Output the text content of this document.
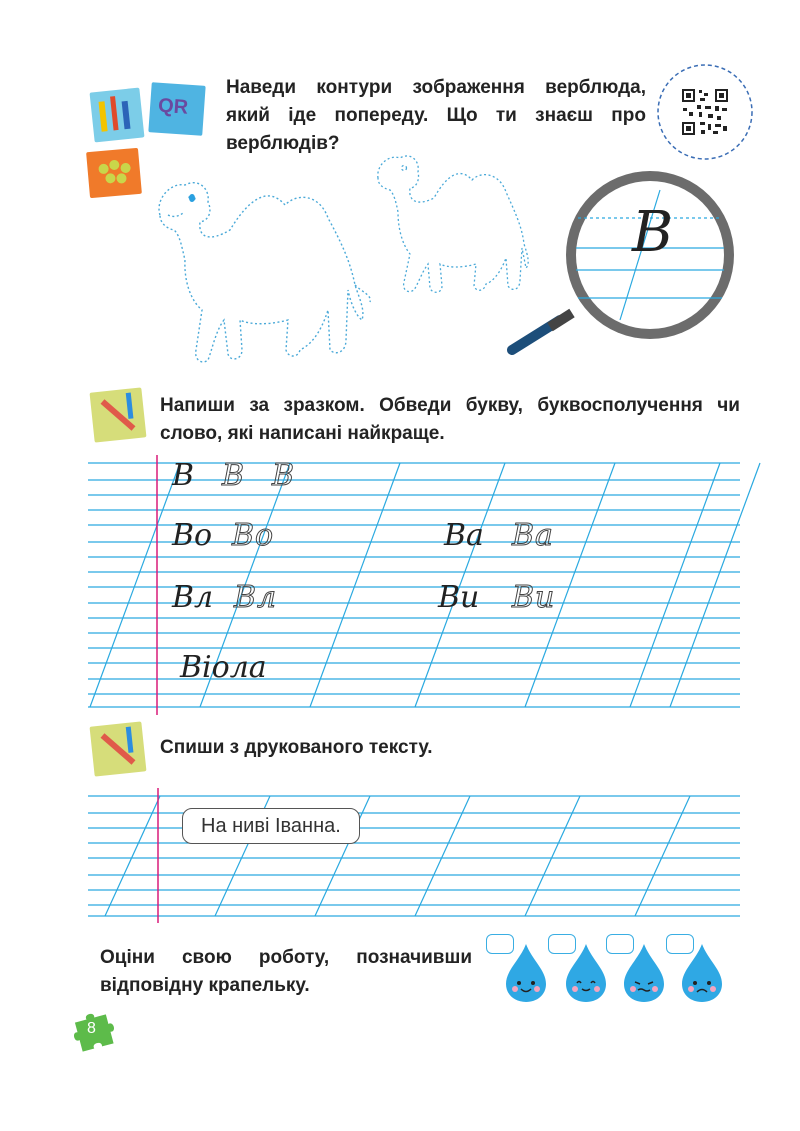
QR
Наведи контури зображення верблюда, який іде попереду. Що ти знаєш про верблюдів?
B
Напиши за зразком. Обведи букву, буквосполучення чи слово, які написані найкраще.
B B B
Bo Bo	Ba Ba
Bл Bл	Bи Bи
Віола
Спиши з друкованого тексту.
На ниві Іванна.
Оціни свою роботу, позначивши відповідну крапельку.
8
